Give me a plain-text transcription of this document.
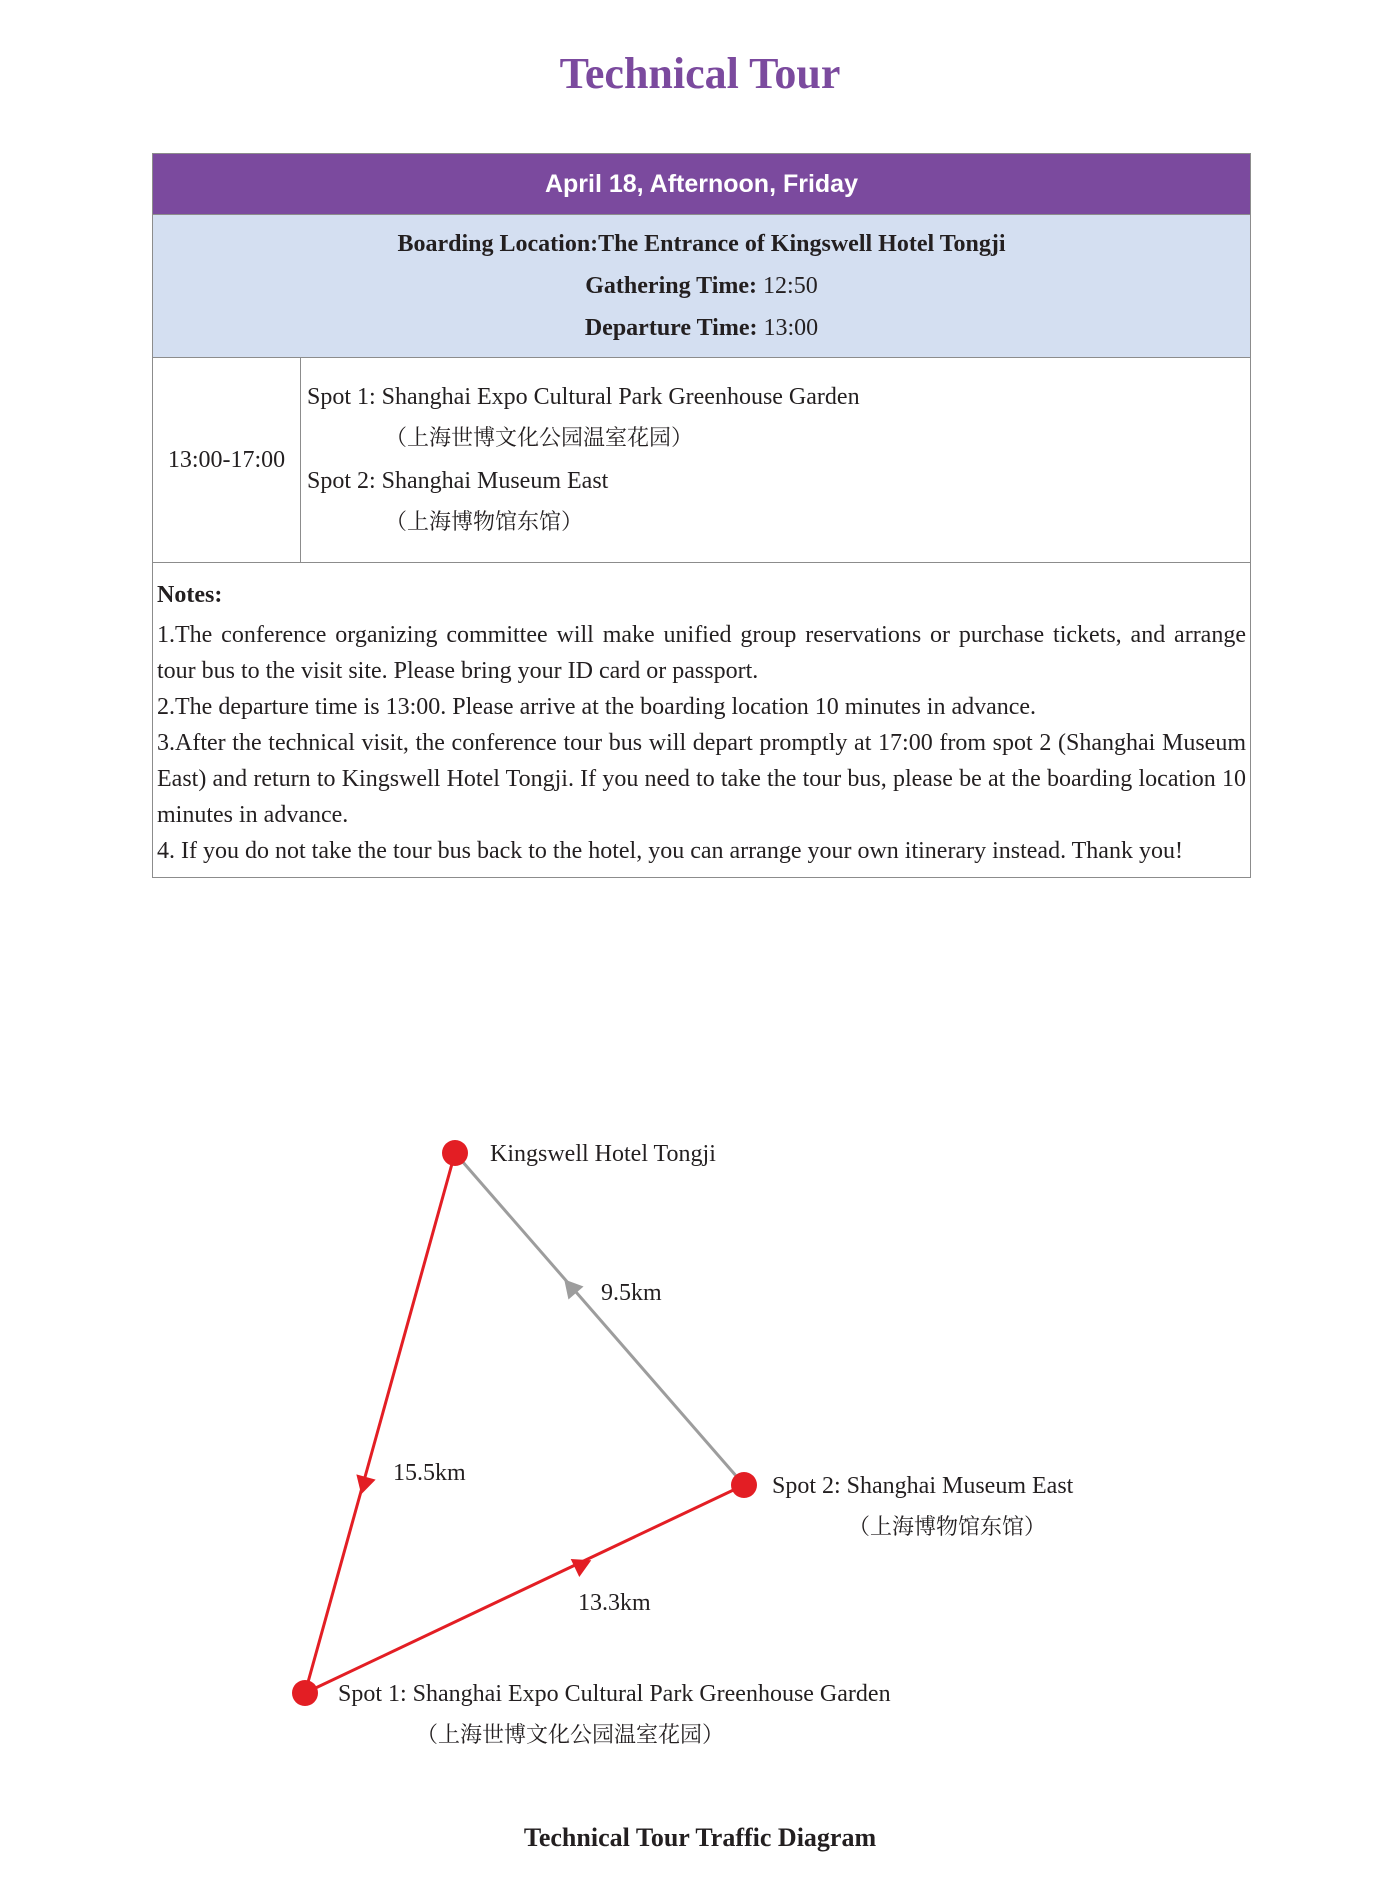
Technical Tour
April 18, Afternoon, Friday

Boarding Location:The Entrance of Kingswell Hotel Tongji
Gathering Time: 12:50
Departure Time: 13:00

13:00-17:00	
Spot 1: Shanghai Expo Cultural Park Greenhouse Garden
（上海世博文化公园温室花园）
Spot 2: Shanghai Museum East
（上海博物馆东馆）

Notes:
1.The conference organizing committee will make unified group reservations or purchase tickets, and arrange tour bus to the visit site. Please bring your ID card or passport.
2.The departure time is 13:00. Please arrive at the boarding location 10 minutes in advance.
3.After the technical visit, the conference tour bus will depart promptly at 17:00 from spot 2 (Shanghai Museum East) and return to Kingswell Hotel Tongji. If you need to take the tour bus, please be at the boarding location 10 minutes in advance.
4. If you do not take the tour bus back to the hotel, you can arrange your own itinerary instead. Thank you!
Kingswell Hotel Tongji
Spot 2: Shanghai Museum East
Spot 1: Shanghai Expo Cultural Park Greenhouse Garden
9.5km
15.5km
13.3km
（上海博物馆东馆）
（上海世博文化公园温室花园）
Technical Tour Traffic Diagram
